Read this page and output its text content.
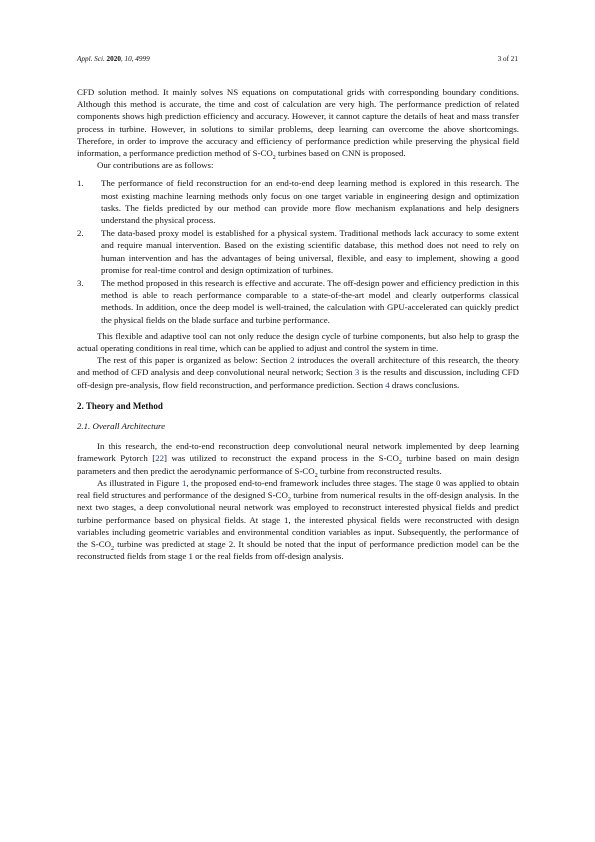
Appl. Sci. 2020, 10, 4999	3 of 21

CFD solution method. It mainly solves NS equations on computational grids with corresponding boundary conditions. Although this method is accurate, the time and cost of calculation are very high. The performance prediction of related components shows high prediction efficiency and accuracy. However, it cannot capture the details of heat and mass transfer process in turbine. However, in solutions to similar problems, deep learning can overcome the above shortcomings. Therefore, in order to improve the accuracy and efficiency of performance prediction while preserving the physical field information, a performance prediction method of $S-CO_2$ turbines based on CNN is proposed.

Our contributions are as follows:

1. The performance of field reconstruction for an end-to-end deep learning method is explored in this research. The most existing machine learning methods only focus on one target variable in engineering design and optimization tasks. The fields predicted by our method can provide more flow mechanism explanations and help designers understand the physical process.
2. The data-based proxy model is established for a physical system. Traditional methods lack accuracy to some extent and require manual intervention. Based on the existing scientific database, this method does not need to rely on human intervention and has the advantages of being universal, flexible, and easy to implement, showing a good promise for real-time control and design optimization of turbines.
3. The method proposed in this research is effective and accurate. The off-design power and efficiency prediction in this method is able to reach performance comparable to a state-of-the-art model and clearly outperforms classical methods. In addition, once the deep model is well-trained, the calculation with GPU-accelerated can quickly predict the physical fields on the blade surface and turbine performance.

This flexible and adaptive tool can not only reduce the design cycle of turbine components, but also help to grasp the actual operating conditions in real time, which can be applied to adjust and control the system in time.

The rest of this paper is organized as below: Section 2 introduces the overall architecture of this research, the theory and method of CFD analysis and deep convolutional neural network; Section 3 is the results and discussion, including CFD off-design pre-analysis, flow field reconstruction, and performance prediction. Section 4 draws conclusions.

2. Theory and Method
2.1. Overall Architecture

In this research, the end-to-end reconstruction deep convolutional neural network implemented by deep learning framework Pytorch [22] was utilized to reconstruct the expand process in the $S-CO_2$ turbine based on main design parameters and then predict the aerodynamic performance of $S-CO_2$ turbine from reconstructed results.

As illustrated in Figure 1, the proposed end-to-end framework includes three stages. The stage 0 was applied to obtain real field structures and performance of the designed $S-CO_2$ turbine from numerical results in the off-design analysis. In the next two stages, a deep convolutional neural network was employed to reconstruct interested physical fields and predict turbine performance based on physical fields. At stage 1, the interested physical fields were reconstructed with design variables including geometric variables and environmental condition variables as input. Subsequently, the performance of the $S-CO_2$ turbine was predicted at stage 2. It should be noted that the input of performance prediction model can be the reconstructed fields from stage 1 or the real fields from off-design analysis.
